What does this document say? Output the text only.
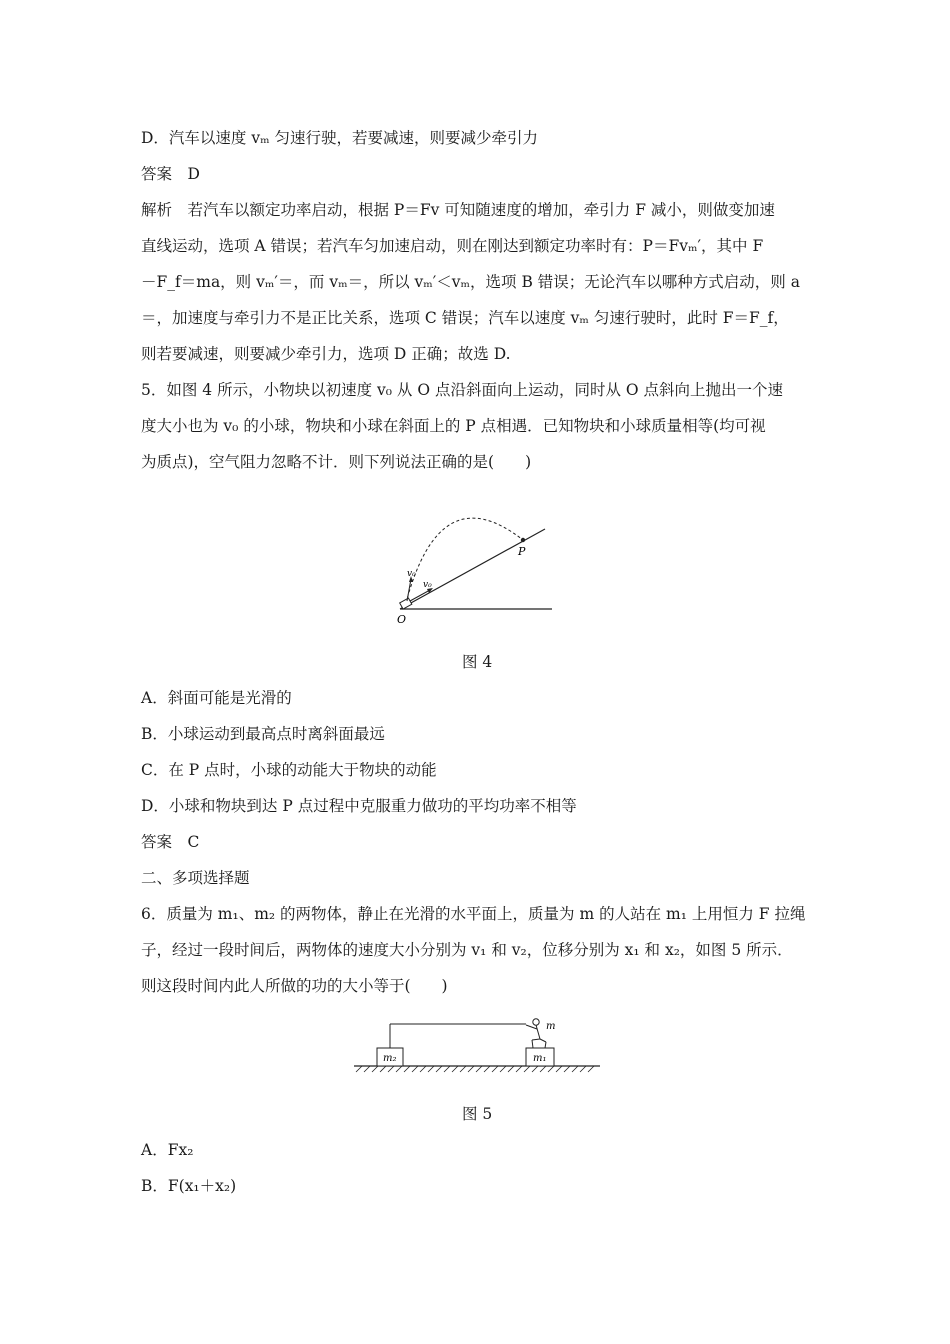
D．汽车以速度 vₘ 匀速行驶，若要减速，则要减少牵引力
答案　D
解析　若汽车以额定功率启动，根据 P＝Fv 可知随速度的增加，牵引力 F 减小，则做变加速
直线运动，选项 A 错误；若汽车匀加速启动，则在刚达到额定功率时有：P＝Fvₘ′，其中 F
－F_f＝ma，则 vₘ′＝，而 vₘ＝，所以 vₘ′＜vₘ，选项 B 错误；无论汽车以哪种方式启动，则 a
＝，加速度与牵引力不是正比关系，选项 C 错误；汽车以速度 vₘ 匀速行驶时，此时 F＝F_f，
则若要减速，则要减少牵引力，选项 D 正确；故选 D.
5．如图 4 所示，小物块以初速度 v₀ 从 O 点沿斜面向上运动，同时从 O 点斜向上抛出一个速
度大小也为 v₀ 的小球，物块和小球在斜面上的 P 点相遇．已知物块和小球质量相等(均可视
为质点)，空气阻力忽略不计．则下列说法正确的是(　　)
P
O
v₀
v₀
图 4
A．斜面可能是光滑的
B．小球运动到最高点时离斜面最远
C．在 P 点时，小球的动能大于物块的动能
D．小球和物块到达 P 点过程中克服重力做功的平均功率不相等
答案　C
二、多项选择题
6．质量为 m₁、m₂ 的两物体，静止在光滑的水平面上，质量为 m 的人站在 m₁ 上用恒力 F 拉绳
子，经过一段时间后，两物体的速度大小分别为 v₁ 和 v₂，位移分别为 x₁ 和 x₂，如图 5 所示．
则这段时间内此人所做的功的大小等于(　　)
m₂	m₁
m
图 5
A．Fx₂
B．F(x₁＋x₂)
